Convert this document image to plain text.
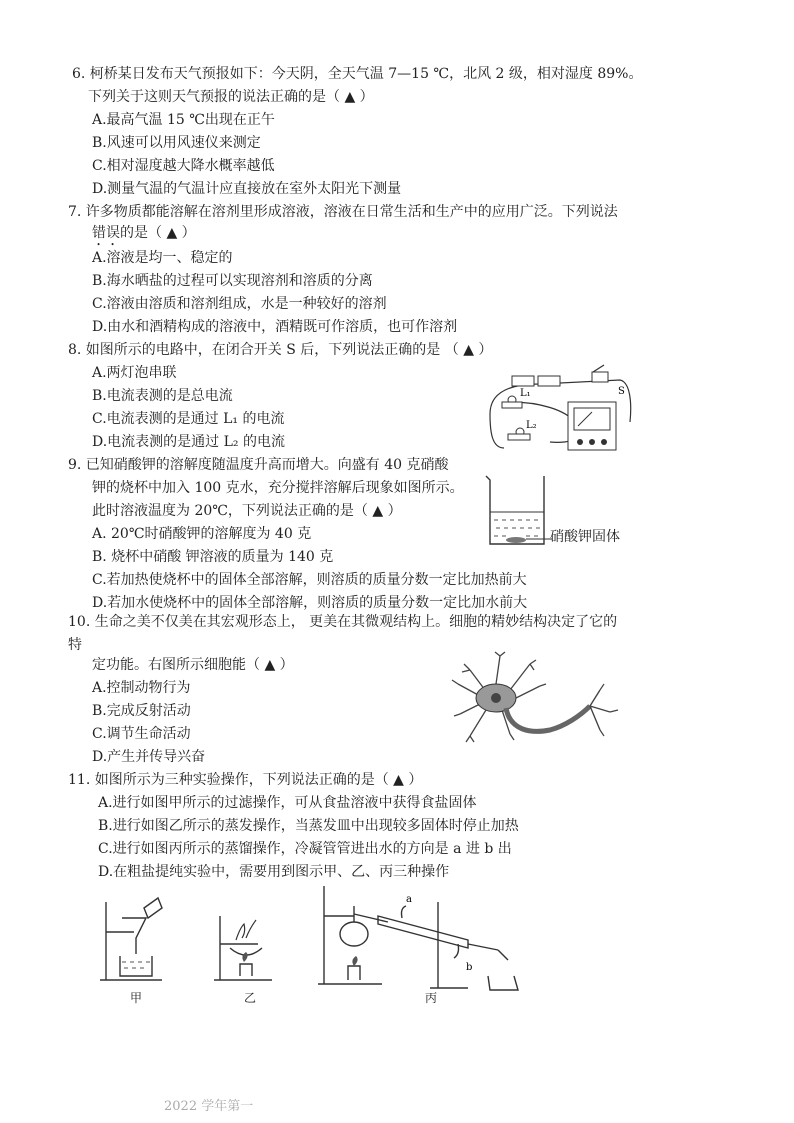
6. 柯桥某日发布天气预报如下：今天阴，全天气温 7—15 ℃，北风 2 级，相对湿度 89%。
下列关于这则天气预报的说法正确的是（ ▲ ）
A.最高气温 15 ℃出现在正午
B.风速可以用风速仪来测定
C.相对湿度越大降水概率越低
D.测量气温的气温计应直接放在室外太阳光下测量
7. 许多物质都能溶解在溶剂里形成溶液，溶液在日常生活和生产中的应用广泛。下列说法
错误的是（ ▲ ）
A.溶液是均一、稳定的
B.海水晒盐的过程可以实现溶剂和溶质的分离
C.溶液由溶质和溶剂组成，水是一种较好的溶剂
D.由水和酒精构成的溶液中，酒精既可作溶质，也可作溶剂
8. 如图所示的电路中，在闭合开关 S 后，下列说法正确的是 （ ▲ ）
A.两灯泡串联
B.电流表测的是总电流
C.电流表测的是通过 L₁ 的电流
D.电流表测的是通过 L₂ 的电流
L₁
L₂
S
9. 已知硝酸钾的溶解度随温度升高而增大。向盛有 40 克硝酸
钾的烧杯中加入 100 克水，充分搅拌溶解后现象如图所示。
此时溶液温度为 20℃，下列说法正确的是（ ▲ ）
A. 20℃时硝酸钾的溶解度为 40 克
B. 烧杯中硝酸 钾溶液的质量为 140 克
C.若加热使烧杯中的固体全部溶解，则溶质的质量分数一定比加热前大
D.若加水使烧杯中的固体全部溶解，则溶质的质量分数一定比加水前大
硝酸钾固体
10. 生命之美不仅美在其宏观形态上， 更美在其微观结构上。细胞的精妙结构决定了它的
特
定功能。右图所示细胞能（ ▲ ）
A.控制动物行为
B.完成反射活动
C.调节生命活动
D.产生并传导兴奋
11. 如图所示为三种实验操作，下列说法正确的是（ ▲ ）
A.进行如图甲所示的过滤操作，可从食盐溶液中获得食盐固体
B.进行如图乙所示的蒸发操作，当蒸发皿中出现较多固体时停止加热
C.进行如图丙所示的蒸馏操作，冷凝管管进出水的方向是 a 进 b 出
D.在粗盐提纯实验中，需要用到图示甲、乙、丙三种操作
甲	乙
a
b
丙
2022 学年第一
